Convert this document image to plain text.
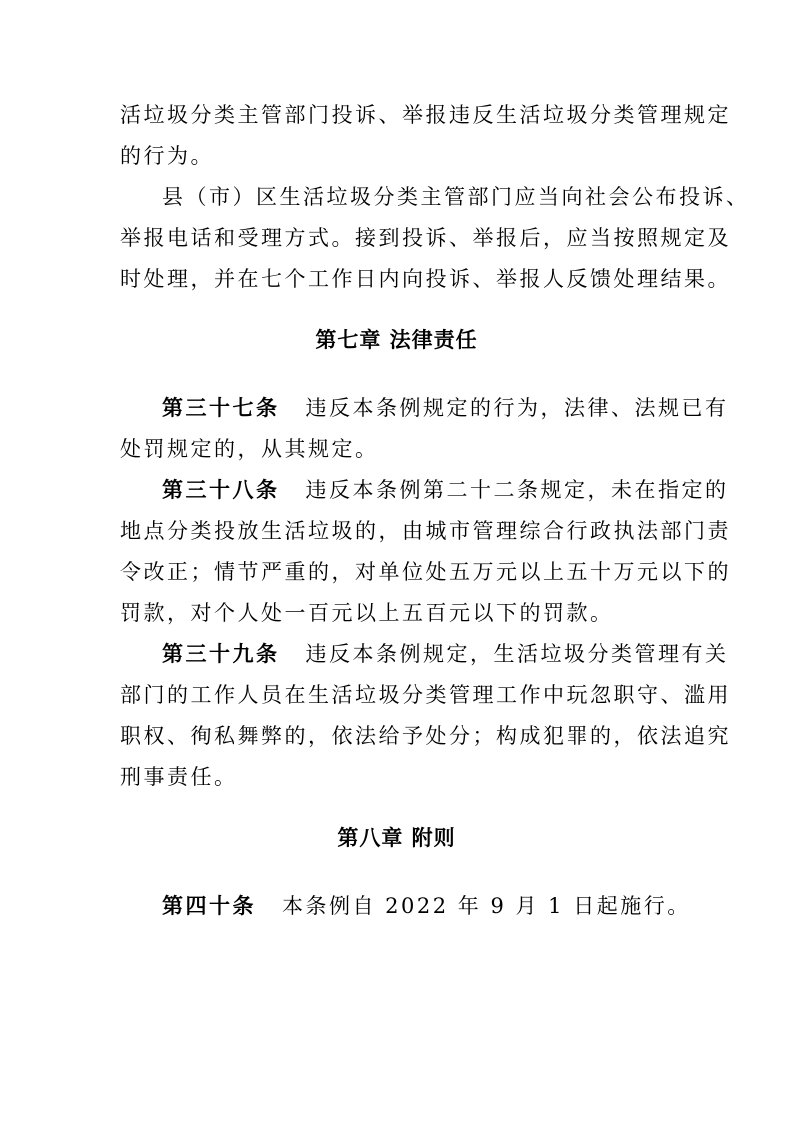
活垃圾分类主管部门投诉、举报违反生活垃圾分类管理规定
的行为。
县（市）区生活垃圾分类主管部门应当向社会公布投诉、
举报电话和受理方式。接到投诉、举报后，应当按照规定及
时处理，并在七个工作日内向投诉、举报人反馈处理结果。
第七章 法律责任
第三十七条 违反本条例规定的行为，法律、法规已有
处罚规定的，从其规定。
第三十八条 违反本条例第二十二条规定，未在指定的
地点分类投放生活垃圾的，由城市管理综合行政执法部门责
令改正；情节严重的，对单位处五万元以上五十万元以下的
罚款，对个人处一百元以上五百元以下的罚款。
第三十九条 违反本条例规定，生活垃圾分类管理有关
部门的工作人员在生活垃圾分类管理工作中玩忽职守、滥用
职权、徇私舞弊的，依法给予处分；构成犯罪的，依法追究
刑事责任。
第八章 附则
第四十条 本条例自 2022 年 9 月 1 日起施行。
